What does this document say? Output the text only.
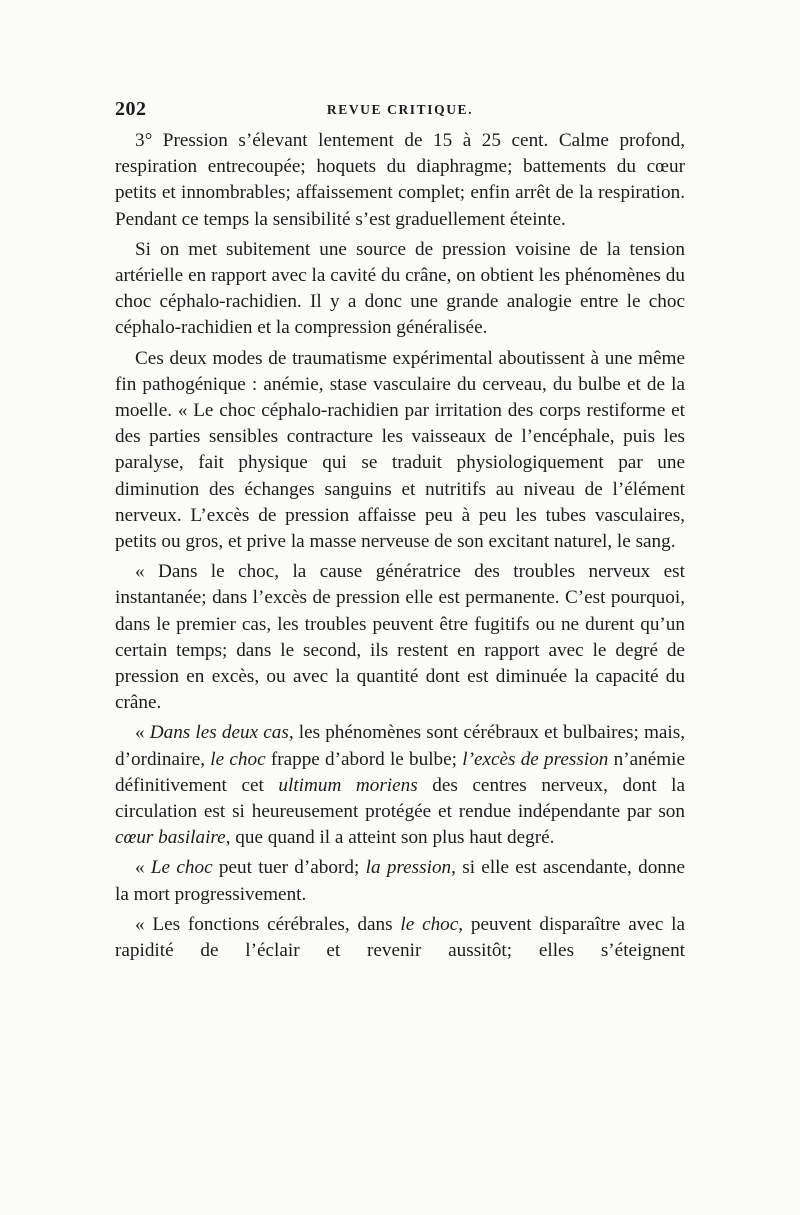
202	REVUE CRITIQUE.

3° Pression s’élevant lentement de 15 à 25 cent. Calme profond, respiration entrecoupée; hoquets du diaphragme; battements du cœur petits et innombrables; affaissement complet; enfin arrêt de la respiration. Pendant ce temps la sensibilité s’est graduellement éteinte.

Si on met subitement une source de pression voisine de la tension artérielle en rapport avec la cavité du crâne, on obtient les phénomènes du choc céphalo-rachidien. Il y a donc une grande analogie entre le choc céphalo-rachidien et la compression généralisée.

Ces deux modes de traumatisme expérimental aboutissent à une même fin pathogénique : anémie, stase vasculaire du cerveau, du bulbe et de la moelle. « Le choc céphalo-rachidien par irritation des corps restiforme et des parties sensibles contracture les vaisseaux de l’encéphale, puis les paralyse, fait physique qui se traduit physiologiquement par une diminution des échanges sanguins et nutritifs au niveau de l’élément nerveux. L’excès de pression affaisse peu à peu les tubes vasculaires, petits ou gros, et prive la masse nerveuse de son excitant naturel, le sang.

« Dans le choc, la cause génératrice des troubles nerveux est instantanée; dans l’excès de pression elle est permanente. C’est pourquoi, dans le premier cas, les troubles peuvent être fugitifs ou ne durent qu’un certain temps; dans le second, ils restent en rapport avec le degré de pression en excès, ou avec la quantité dont est diminuée la capacité du crâne.

« Dans les deux cas, les phénomènes sont cérébraux et bulbaires; mais, d’ordinaire, le choc frappe d’abord le bulbe; l’excès de pression n’anémie définitivement cet ultimum moriens des centres nerveux, dont la circulation est si heureusement protégée et rendue indépendante par son cœur basilaire, que quand il a atteint son plus haut degré.

« Le choc peut tuer d’abord; la pression, si elle est ascendante, donne la mort progressivement.

« Les fonctions cérébrales, dans le choc, peuvent disparaître avec la rapidité de l’éclair et revenir aussitôt; elles s’éteignent
